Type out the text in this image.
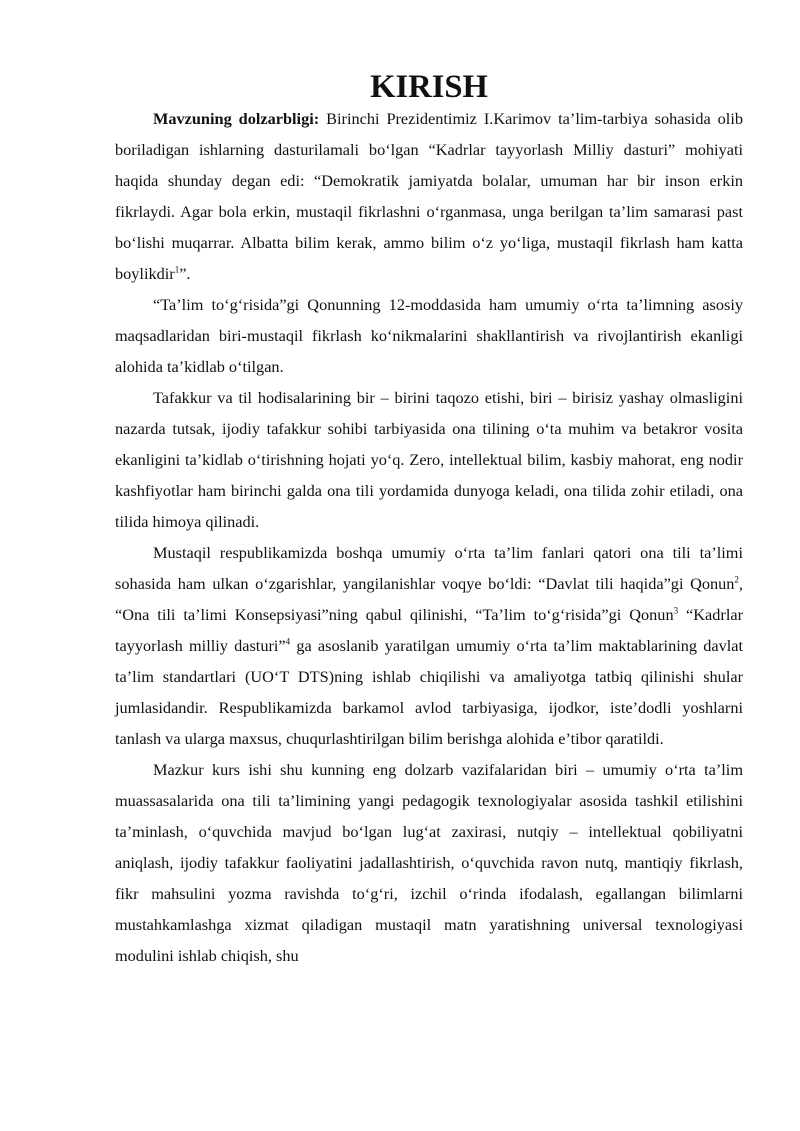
KIRISH

Mavzuning dolzarbligi: Birinchi Prezidentimiz I.Karimov ta’lim-tarbiya sohasida olib boriladigan ishlarning dasturilamali bo‘lgan “Kadrlar tayyorlash Milliy dasturi” mohiyati haqida shunday degan edi: “Demokratik jamiyatda bolalar, umuman har bir inson erkin fikrlaydi. Agar bola erkin, mustaqil fikrlashni o‘rganmasa, unga berilgan ta’lim samarasi past bo‘lishi muqarrar. Albatta bilim kerak, ammo bilim o‘z yo‘liga, mustaqil fikrlash ham katta boylikdir$^1$”.

“Ta’lim to‘g‘risida”gi Qonunning 12-moddasida ham umumiy o‘rta ta’limning asosiy maqsadlaridan biri-mustaqil fikrlash ko‘nikmalarini shakllantirish va rivojlantirish ekanligi alohida ta’kidlab o‘tilgan.

Tafakkur va til hodisalarining bir – birini taqozo etishi, biri – birisiz yashay olmasligini nazarda tutsak, ijodiy tafakkur sohibi tarbiyasida ona tilining o‘ta muhim va betakror vosita ekanligini ta’kidlab o‘tirishning hojati yo‘q. Zero, intellektual bilim, kasbiy mahorat, eng nodir kashfiyotlar ham birinchi galda ona tili yordamida dunyoga keladi, ona tilida zohir etiladi, ona tilida himoya qilinadi.

Mustaqil respublikamizda boshqa umumiy o‘rta ta’lim fanlari qatori ona tili ta’limi sohasida ham ulkan o‘zgarishlar, yangilanishlar voqye bo‘ldi: “Davlat tili haqida”gi Qonun$^2$, “Ona tili ta’limi Konsepsiyasi”ning qabul qilinishi, “Ta’lim to‘g‘risida”gi Qonun$^3$ “Kadrlar tayyorlash milliy dasturi”$^4$ ga asoslanib yaratilgan umumiy o‘rta ta’lim maktablarining davlat ta’lim standartlari (UO‘T DTS)ning ishlab chiqilishi va amaliyotga tatbiq qilinishi shular jumlasidandir. Respublikamizda barkamol avlod tarbiyasiga, ijodkor, iste’dodli yoshlarni tanlash va ularga maxsus, chuqurlashtirilgan bilim berishga alohida e’tibor qaratildi.

Mazkur kurs ishi shu kunning eng dolzarb vazifalaridan biri – umumiy o‘rta ta’lim muassasalarida ona tili ta’limining yangi pedagogik texnologiyalar asosida tashkil etilishini ta’minlash, o‘quvchida mavjud bo‘lgan lug‘at zaxirasi, nutqiy – intellektual qobiliyatni aniqlash, ijodiy tafakkur faoliyatini jadallashtirish, o‘quvchida ravon nutq, mantiqiy fikrlash, fikr mahsulini yozma ravishda to‘g‘ri, izchil o‘rinda ifodalash, egallangan bilimlarni mustahkamlashga xizmat qiladigan mustaqil matn yaratishning universal texnologiyasi modulini ishlab chiqish, shu
